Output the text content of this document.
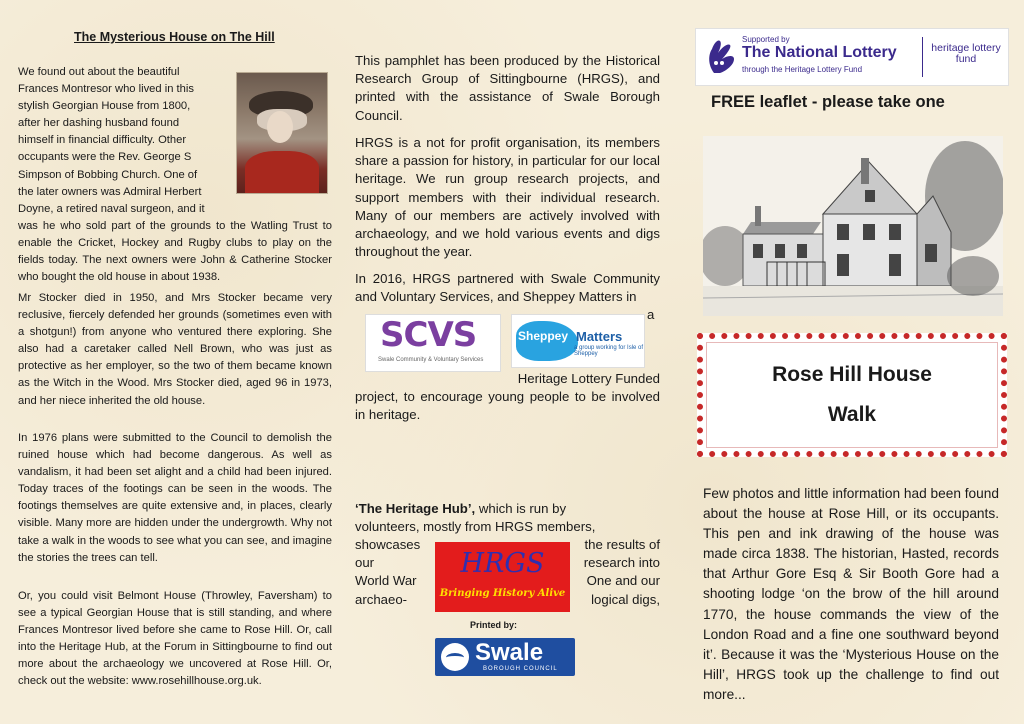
The Mysterious House on The Hill
We found out about the beautiful
Frances Montresor who lived in this
stylish Georgian House from 1800,
after her dashing husband found
himself in financial difficulty. Other
occupants were the Rev. George S
Simpson of Bobbing Church. One of
the later owners was Admiral Herbert
Doyne, a retired naval surgeon, and it

was he who sold part of the grounds to the Watling Trust to enable the Cricket, Hockey and Rugby clubs to play on the fields today. The next owners were John & Catherine Stocker who bought the old house in about 1938.

Mr Stocker died in 1950, and Mrs Stocker became very reclusive, fiercely defended her grounds (sometimes even with a shotgun!) from anyone who ventured there exploring. She also had a caretaker called Nell Brown, who was just as protective as her employer, so the two of them became known as the Witch in the Wood. Mrs Stocker died, aged 96 in 1973, and her niece inherited the old house.

In 1976 plans were submitted to the Council to demolish the ruined house which had become dangerous. As well as vandalism, it had been set alight and a child had been injured. Today traces of the footings can be seen in the woods. The footings themselves are quite extensive and, in places, clearly visible. Many more are hidden under the undergrowth. Why not take a walk in the woods to see what you can see, and imagine the stories the trees can tell.

Or, you could visit Belmont House (Throwley, Faversham) to see a typical Georgian House that is still standing, and where Frances Montresor lived before she came to Rose Hill. Or, call into the Heritage Hub, at the Forum in Sittingbourne to find out more about the archaeology we uncovered at Rose Hill. Or, check out the website: www.rosehillhouse.org.uk.

This pamphlet has been produced by the Historical Research Group of Sittingbourne (HRGS), and printed with the assistance of Swale Borough Council.

HRGS is a not for profit organisation, its members share a passion for history, in particular for our local heritage. We run group research projects, and support members with their individual research. Many of our members are actively involved with archaeology, and we hold various events and digs throughout the year.

In 2016, HRGS partnered with Swale Community and Voluntary Services, and Sheppey Matters in

a
SCVS
Swale Community & Voluntary Services
Sheppey Matters
a group working for Isle of Sheppey
Heritage Lottery Funded

project, to encourage young people to be involved in heritage.

‘The Heritage Hub’, which is run by
volunteers, mostly from HRGS members,
showcases
our
World War
archaeo-
the results of
research into
One and our
logical digs,
HRGS
Bringing History Alive
Printed by:
Swale
BOROUGH COUNCIL
Supported by
The National Lottery
through the Heritage Lottery Fund
heritage lottery fund
FREE leaflet - please take one
Rose Hill House
Walk

Few photos and little information had been found about the house at Rose Hill, or its occupants. This pen and ink drawing of the house was made circa 1838. The historian, Hasted, records that Arthur Gore Esq & Sir Booth Gore had a shooting lodge ‘on the brow of the hill around 1770, the house commands the view of the London Road and a fine one southward beyond it’. Because it was the ‘Mysterious House on the Hill’, HRGS took up the challenge to find out more...
